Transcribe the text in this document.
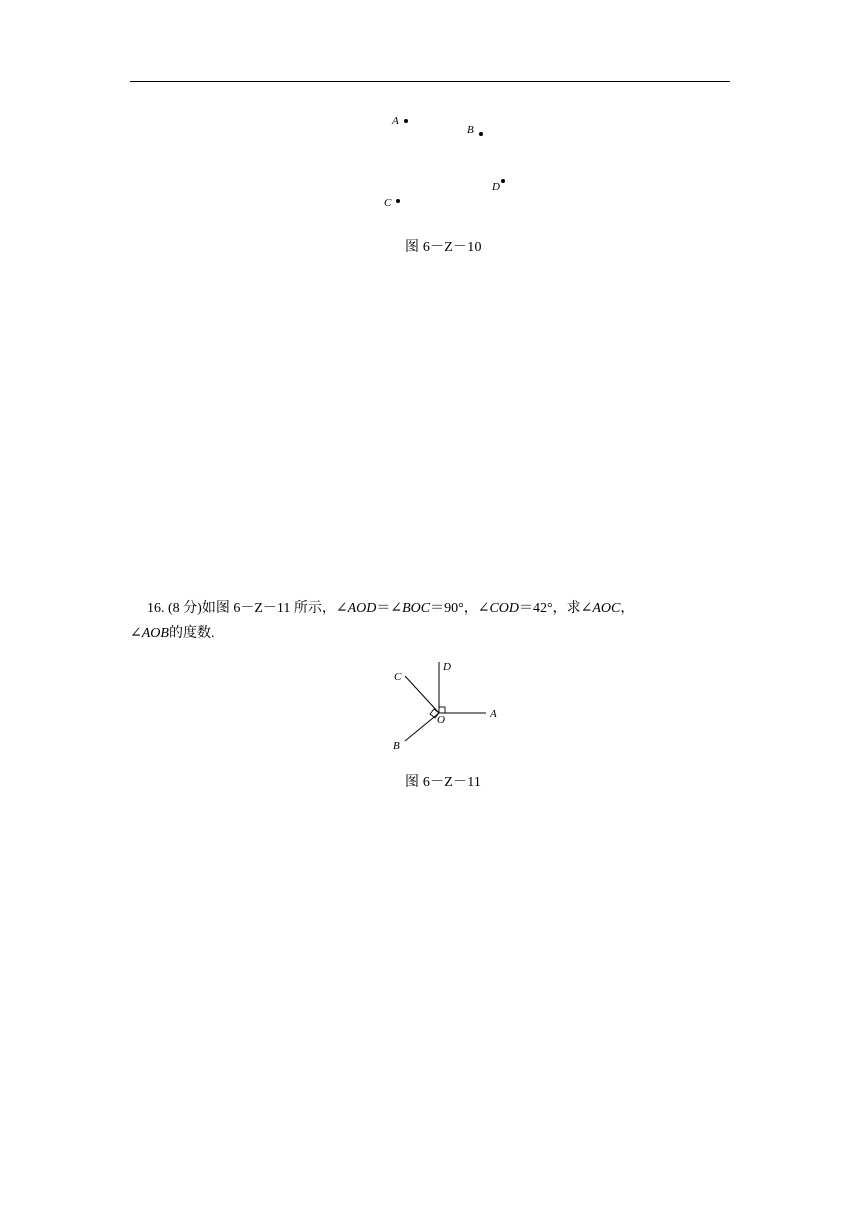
A
B
C
D
A
B
C
D
O
图 6－Z－10
16. (8 分)如图 6－Z－11 所示，∠AOD＝∠BOC＝90°，∠COD＝42°，求∠AOC，
∠AOB的度数.
图 6－Z－11
